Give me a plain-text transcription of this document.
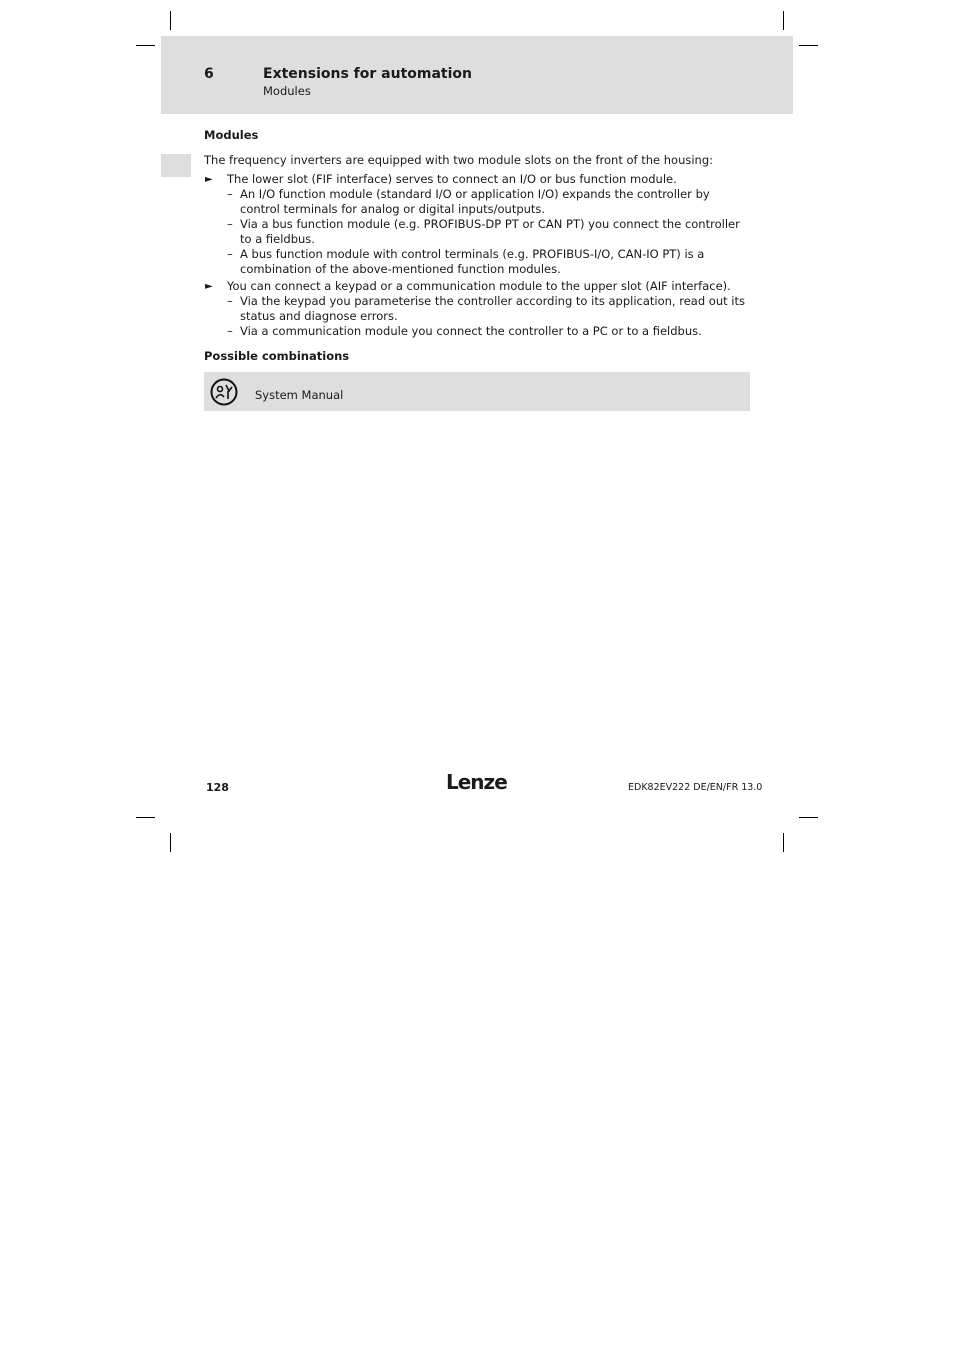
6	Extensions for automation
Modules

Modules

The frequency inverters are equipped with two module slots on the front of the housing:

► The lower slot (FIF interface) serves to connect an I/O or bus function module.
– An I/O function module (standard I/O or application I/O) expands the controller by control terminals for analog or digital inputs/outputs.
– Via a bus function module (e.g. PROFIBUS-DP PT or CAN PT) you connect the controller to a fieldbus.
– A bus function module with control terminals (e.g. PROFIBUS-I/O, CAN-IO PT) is a combination of the above-mentioned function modules.
► You can connect a keypad or a communication module to the upper slot (AIF interface).
– Via the keypad you parameterise the controller according to its application, read out its status and diagnose errors.
– Via a communication module you connect the controller to a PC or to a fieldbus.

Possible combinations

System Manual
128	Lenze	EDK82EV222 DE/EN/FR 13.0
